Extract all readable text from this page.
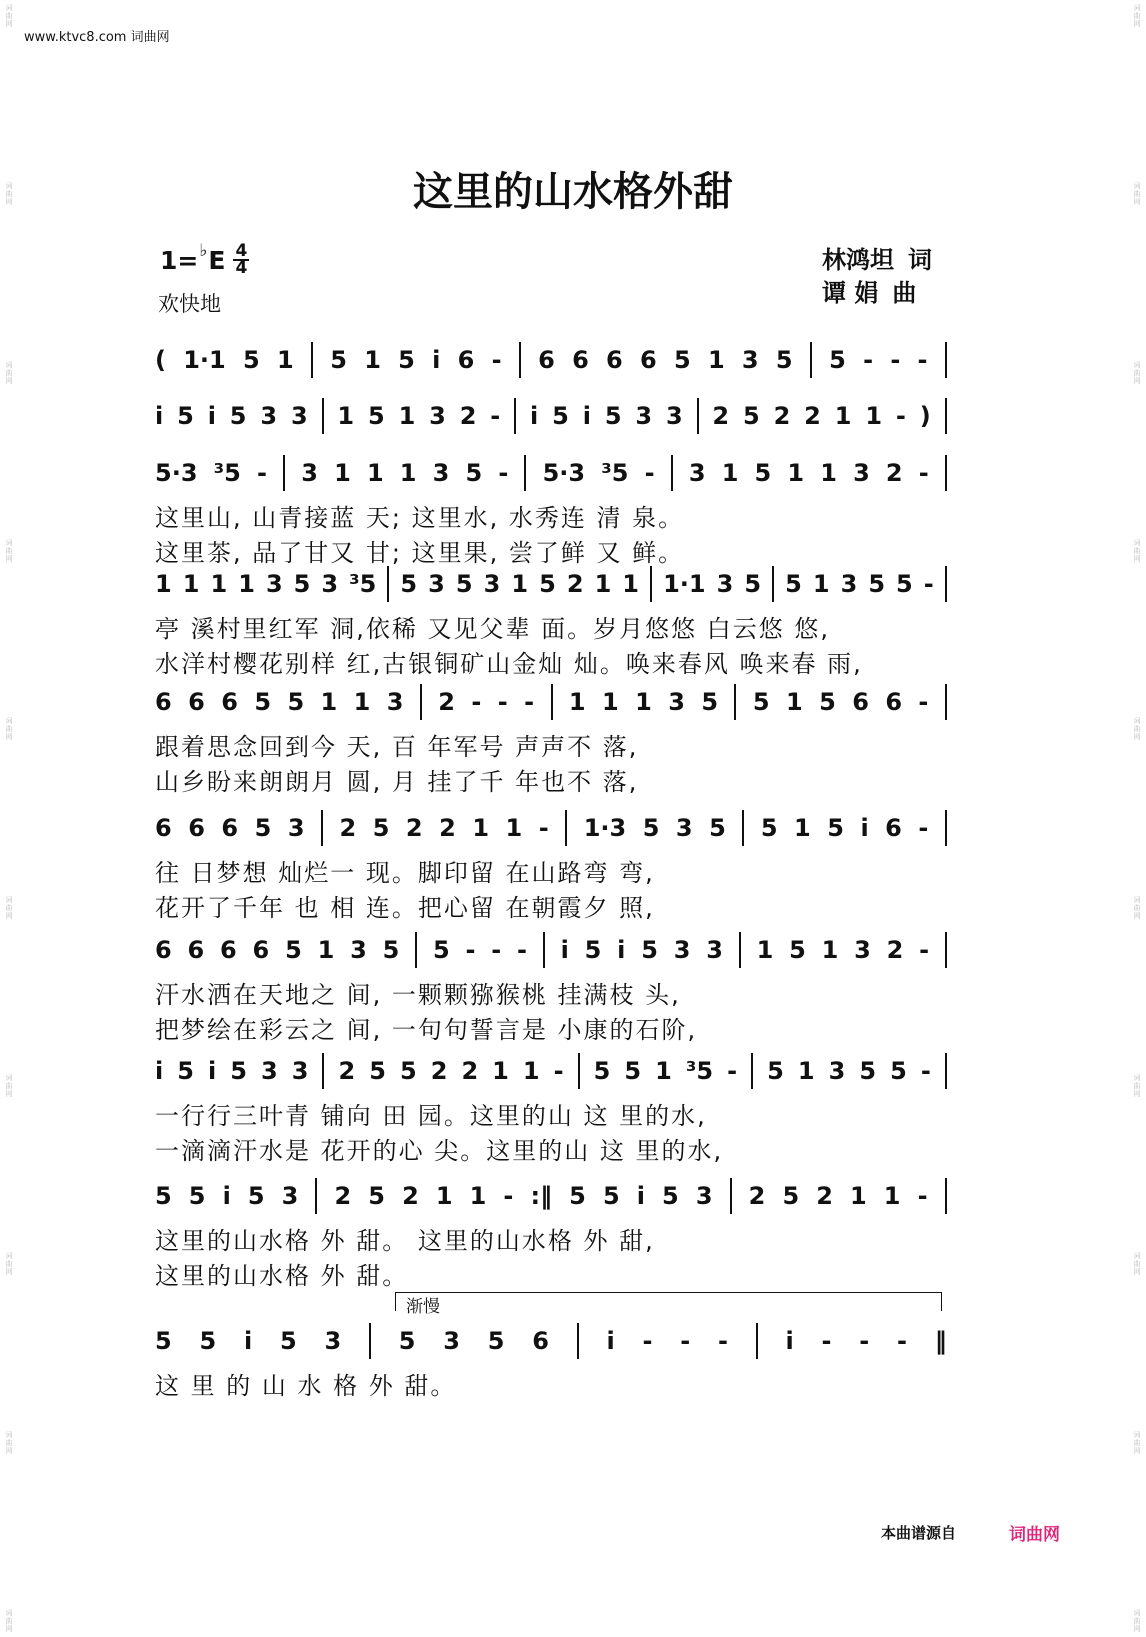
词曲网
词曲网
词曲网
词曲网
词曲网
词曲网
词曲网
词曲网
词曲网
词曲网
词曲网
词曲网
词曲网
词曲网
词曲网
词曲网
词曲网
词曲网
词曲网
词曲网
www.ktvc8.com 词曲网
这里的山水格外甜
1= ♭ E 4
4
欢快地
林鸿坦 词
谭 娟 曲
渐慢
( 1·1 5 1 5 1 5 i 6 - 6 6 6 6 5 1 3 5 5 - - -
i 5 i 5 3 3 1 5 1 3 2 - i 5 i 5 3 3 2 5 2 2 1 1 - )
5·3 ³5 - 3 1 1 1 3 5 - 5·3 ³5 - 3 1 5 1 1 3 2 -
这里山, 山青接蓝 天; 这里水, 水秀连 清 泉。
这里茶, 品了甘又 甘; 这里果, 尝了鲜 又 鲜。
1 1 1 1 3 5 3 ³5 5 3 5 3 1 5 2 1 1 1·1 3 5 5 1 3 5 5 -
亭 溪村里红军 洞,依稀 又见父辈 面。岁月悠悠 白云悠 悠,
水洋村樱花别样 红,古银铜矿山金灿 灿。唤来春风 唤来春 雨,
6 6 6 5 5 1 1 3 2 - - - 1 1 1 3 5 5 1 5 6 6 -
跟着思念回到今 天, 百 年军号 声声不 落,
山乡盼来朗朗月 圆, 月 挂了千 年也不 落,
6 6 6 5 3 2 5 2 2 1 1 - 1·3 5 3 5 5 1 5 i 6 -
往 日梦想 灿烂一 现。脚印留 在山路弯 弯,
花开了千年 也 相 连。把心留 在朝霞夕 照,
6 6 6 6 5 1 3 5 5 - - - i 5 i 5 3 3 1 5 1 3 2 -
汗水洒在天地之 间, 一颗颗猕猴桃 挂满枝 头,
把梦绘在彩云之 间, 一句句誓言是 小康的石阶,
i 5 i 5 3 3 2 5 5 2 2 1 1 - 5 5 1 ³5 - 5 1 3 5 5 -
一行行三叶青 铺向 田 园。这里的山 这 里的水,
一滴滴汗水是 花开的心 尖。这里的山 这 里的水,
5 5 i 5 3 2 5 2 1 1 - :‖ 5 5 i 5 3 2 5 2 1 1 -
这里的山水格 外 甜。 这里的山水格 外 甜,
这里的山水格 外 甜。
5 5 i 5 3 5 3 5 6 i - - - i - - - ‖
这 里 的 山 水 格 外 甜。
本曲谱源自	词曲网
